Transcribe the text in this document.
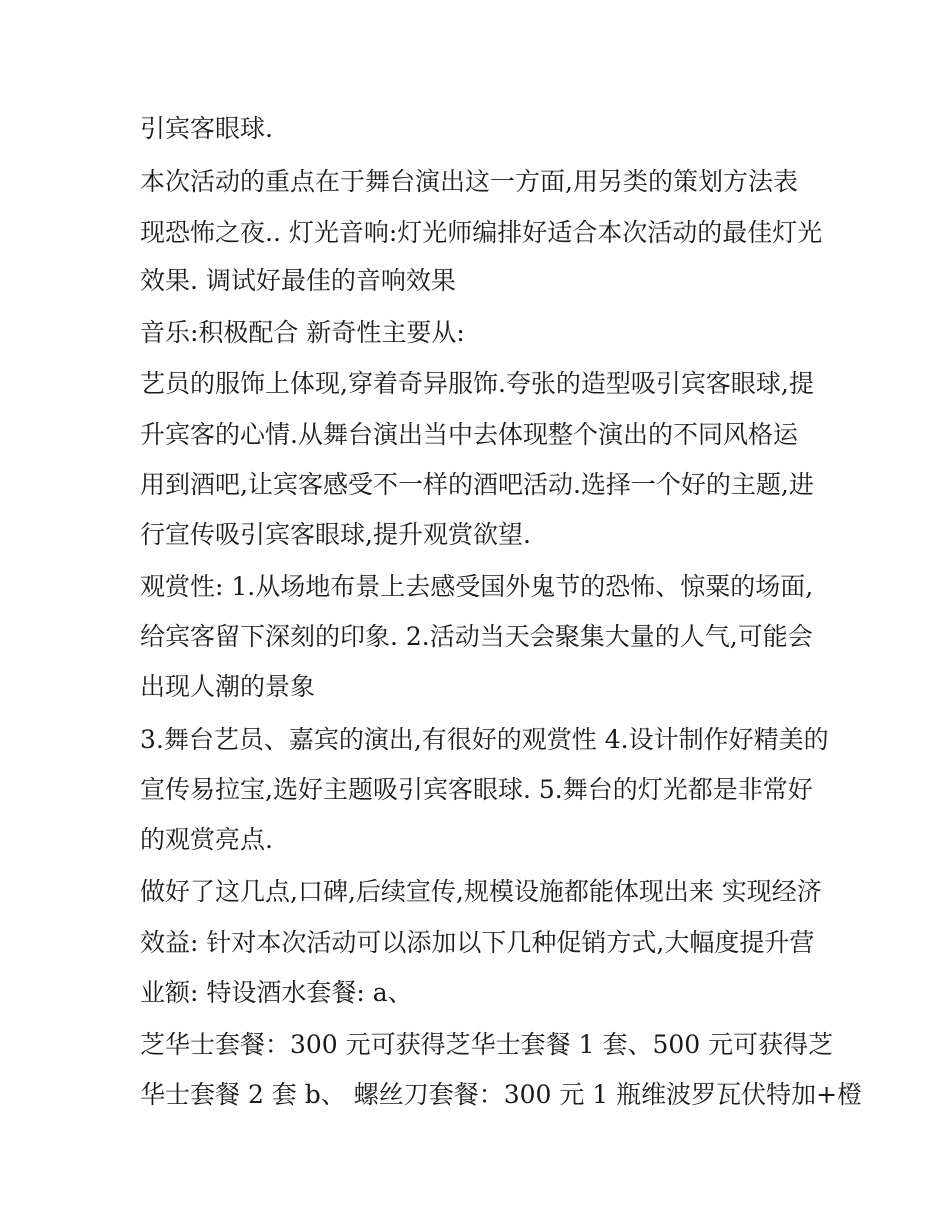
引宾客眼球.
本次活动的重点在于舞台演出这一方面,用另类的策划方法表
现恐怖之夜.. 灯光音响:灯光师编排好适合本次活动的最佳灯光
效果. 调试好最佳的音响效果
音乐:积极配合 新奇性主要从:
艺员的服饰上体现,穿着奇异服饰.夸张的造型吸引宾客眼球,提
升宾客的心情.从舞台演出当中去体现整个演出的不同风格运
用到酒吧,让宾客感受不一样的酒吧活动.选择一个好的主题,进
行宣传吸引宾客眼球,提升观赏欲望.
观赏性: 1.从场地布景上去感受国外鬼节的恐怖、惊粟的场面,
给宾客留下深刻的印象. 2.活动当天会聚集大量的人气,可能会
出现人潮的景象
3.舞台艺员、嘉宾的演出,有很好的观赏性 4.设计制作好精美的
宣传易拉宝,选好主题吸引宾客眼球. 5.舞台的灯光都是非常好
的观赏亮点.
做好了这几点,口碑,后续宣传,规模设施都能体现出来 实现经济
效益: 针对本次活动可以添加以下几种促销方式,大幅度提升营
业额: 特设酒水套餐: a、
芝华士套餐：300 元可获得芝华士套餐 1 套、500 元可获得芝
华士套餐 2 套 b、 螺丝刀套餐：300 元 1 瓶维波罗瓦伏特加+橙
